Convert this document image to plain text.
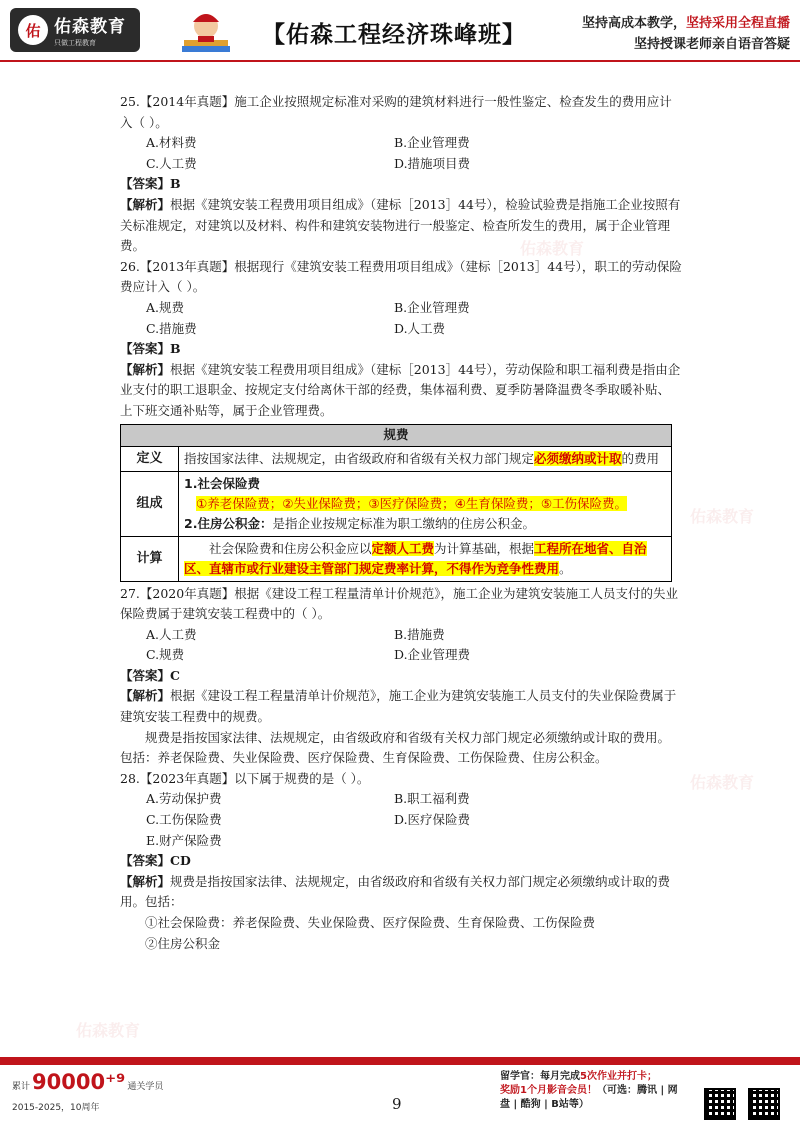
佑 佑森教育
只做工程教育	【佑森工程经济珠峰班】	坚持高成本教学，坚持采用全程直播
坚持授课老师亲自语音答疑
佑森教育
佑森教育
佑森教育
佑森教育
25.【2014年真题】施工企业按照规定标准对采购的建筑材料进行一般性鉴定、检查发生的费用应计入（ ）。
A.材料费	B.企业管理费
C.人工费	D.措施项目费
【答案】B
【解析】根据《建筑安装工程费用项目组成》（建标［2013］44号），检验试验费是指施工企业按照有关标准规定，对建筑以及材料、构件和建筑安装物进行一般鉴定、检查所发生的费用，属于企业管理费。
26.【2013年真题】根据现行《建筑安装工程费用项目组成》（建标［2013］44号），职工的劳动保险费应计入（ ）。
A.规费	B.企业管理费
C.措施费	D.人工费
【答案】B
【解析】根据《建筑安装工程费用项目组成》（建标［2013］44号），劳动保险和职工福利费是指由企业支付的职工退职金、按规定支付给离休干部的经费，集体福利费、夏季防暑降温费冬季取暖补贴、上下班交通补贴等，属于企业管理费。
规费	
定义	指按国家法律、法规规定，由省级政府和省级有关权力部门规定必须缴纳或计取的费用
组成	1.社会保险费
①养老保险费；②失业保险费；③医疗保险费；④生育保险费；⑤工伤保险费。
2.住房公积金：是指企业按规定标准为职工缴纳的住房公积金。

计算	社会保险费和住房公积金应以定额人工费为计算基础，根据工程所在地省、自治区、直辖市或行业建设主管部门规定费率计算，不得作为竞争性费用。
27.【2020年真题】根据《建设工程工程量清单计价规范》，施工企业为建筑安装施工人员支付的失业保险费属于建筑安装工程费中的（ ）。
A.人工费	B.措施费
C.规费	D.企业管理费
【答案】C
【解析】根据《建设工程工程量清单计价规范》，施工企业为建筑安装施工人员支付的失业保险费属于建筑安装工程费中的规费。
规费是指按国家法律、法规规定，由省级政府和省级有关权力部门规定必须缴纳或计取的费用。包括：养老保险费、失业保险费、医疗保险费、生育保险费、工伤保险费、住房公积金。
28.【2023年真题】以下属于规费的是（ ）。
A.劳动保护费	B.职工福利费
C.工伤保险费	D.医疗保险费
E.财产保险费
【答案】CD
【解析】规费是指按国家法律、法规规定，由省级政府和省级有关权力部门规定必须缴纳或计取的费用。包括：
①社会保险费：养老保险费、失业保险费、医疗保险费、生育保险费、工伤保险费
②住房公积金
累计 90000⁺⁹ 通关学员
2015-2025，10周年	9
留学官：每月完成5次作业并打卡；
奖励1个月影音会员！（可选：腾讯 | 网盘 | 酷狗 | B站等）
